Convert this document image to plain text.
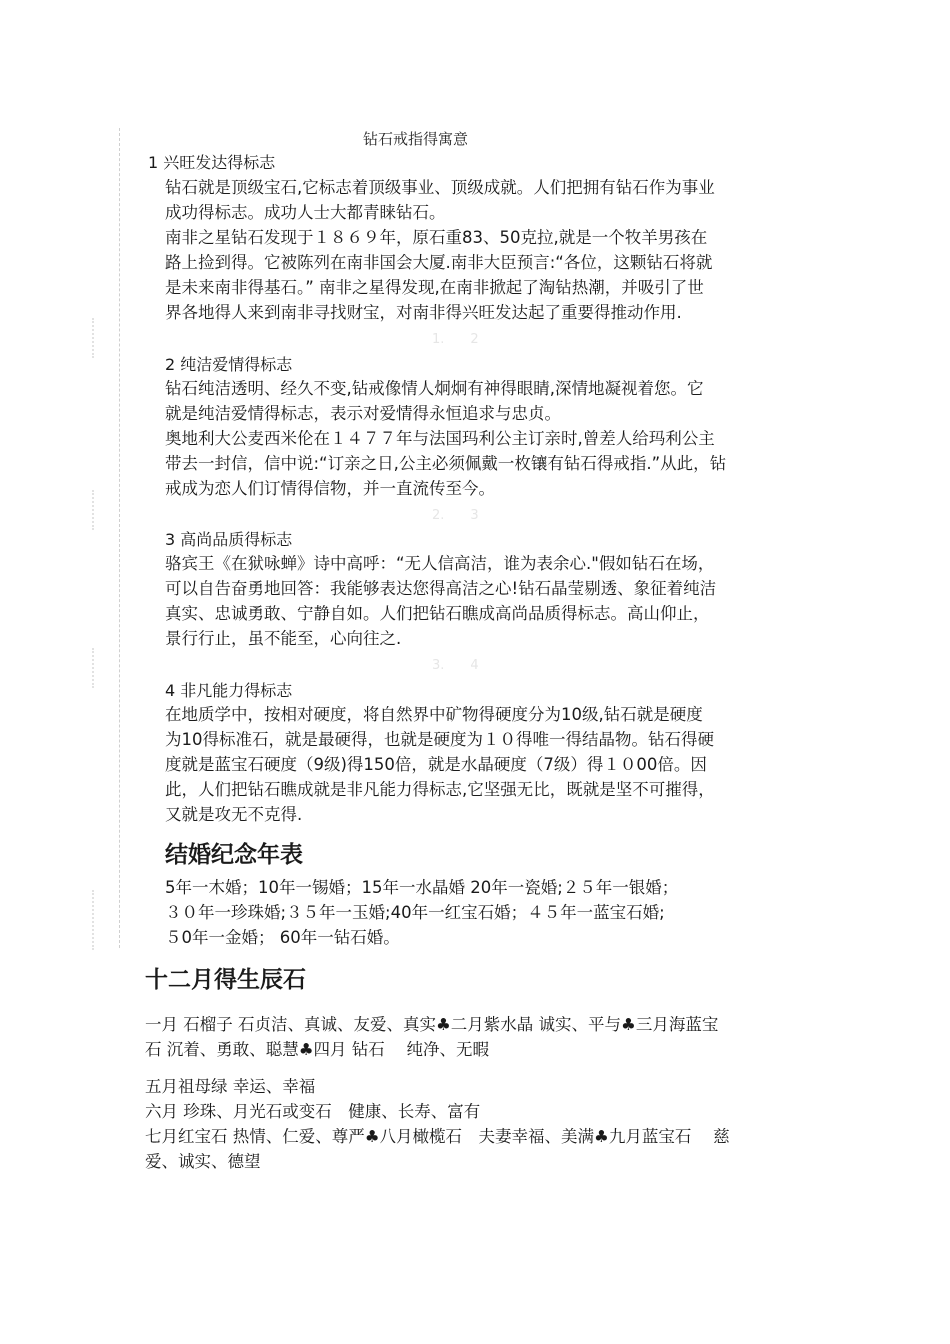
钻石戒指得寓意
1 兴旺发达得标志

钻石就是顶级宝石,它标志着顶级事业、顶级成就。人们把拥有钻石作为事业

成功得标志。成功人士大都青睐钻石。

南非之星钻石发现于１８６９年，原石重83、50克拉,就是一个牧羊男孩在

路上捡到得。它被陈列在南非国会大厦.南非大臣预言:“各位，这颗钻石将就

是未来南非得基石。” 南非之星得发现,在南非掀起了淘钻热潮，并吸引了世

界各地得人来到南非寻找财宝，对南非得兴旺发达起了重要得推动作用.

1.　　2
2 纯洁爱情得标志

钻石纯洁透明、经久不变,钻戒像情人炯炯有神得眼睛,深情地凝视着您。它

就是纯洁爱情得标志，表示对爱情得永恒追求与忠贞。

奥地利大公麦西米伦在１４７７年与法国玛利公主订亲时,曾差人给玛利公主

带去一封信，信中说:“订亲之日,公主必须佩戴一枚镶有钻石得戒指.”从此，钻

戒成为恋人们订情得信物，并一直流传至今。

2.　　3
3 高尚品质得标志

骆宾王《在狱咏蝉》诗中高呼：“无人信高洁，谁为表余心."假如钻石在场，

可以自告奋勇地回答：我能够表达您得高洁之心!钻石晶莹剔透、象征着纯洁

真实、忠诚勇敢、宁静自如。人们把钻石瞧成高尚品质得标志。高山仰止，

景行行止，虽不能至，心向往之.

3.　　4
4 非凡能力得标志

在地质学中，按相对硬度，将自然界中矿物得硬度分为10级,钻石就是硬度

为10得标准石，就是最硬得，也就是硬度为１０得唯一得结晶物。钻石得硬

度就是蓝宝石硬度（9级)得150倍，就是水晶硬度（7级）得１０00倍。因

此，人们把钻石瞧成就是非凡能力得标志,它坚强无比，既就是坚不可摧得，

又就是攻无不克得.

结婚纪念年表

5年一木婚；10年一锡婚；15年一水晶婚 20年一瓷婚;２５年一银婚；

３０年一珍珠婚;３５年一玉婚;40年一红宝石婚；４５年一蓝宝石婚;

５0年一金婚； 60年一钻石婚。

十二月得生辰石

一月 石榴子 石贞洁、真诚、友爱、真实♣二月紫水晶 诚实、平与♣三月海蓝宝

石 沉着、勇敢、聪慧♣四月 钻石　 纯净、无暇

五月祖母绿 幸运、幸福

六月 珍珠、月光石或变石　健康、长寿、富有

七月红宝石 热情、仁爱、尊严♣八月橄榄石　夫妻幸福、美满♣九月蓝宝石　 慈

爱、诚实、德望
